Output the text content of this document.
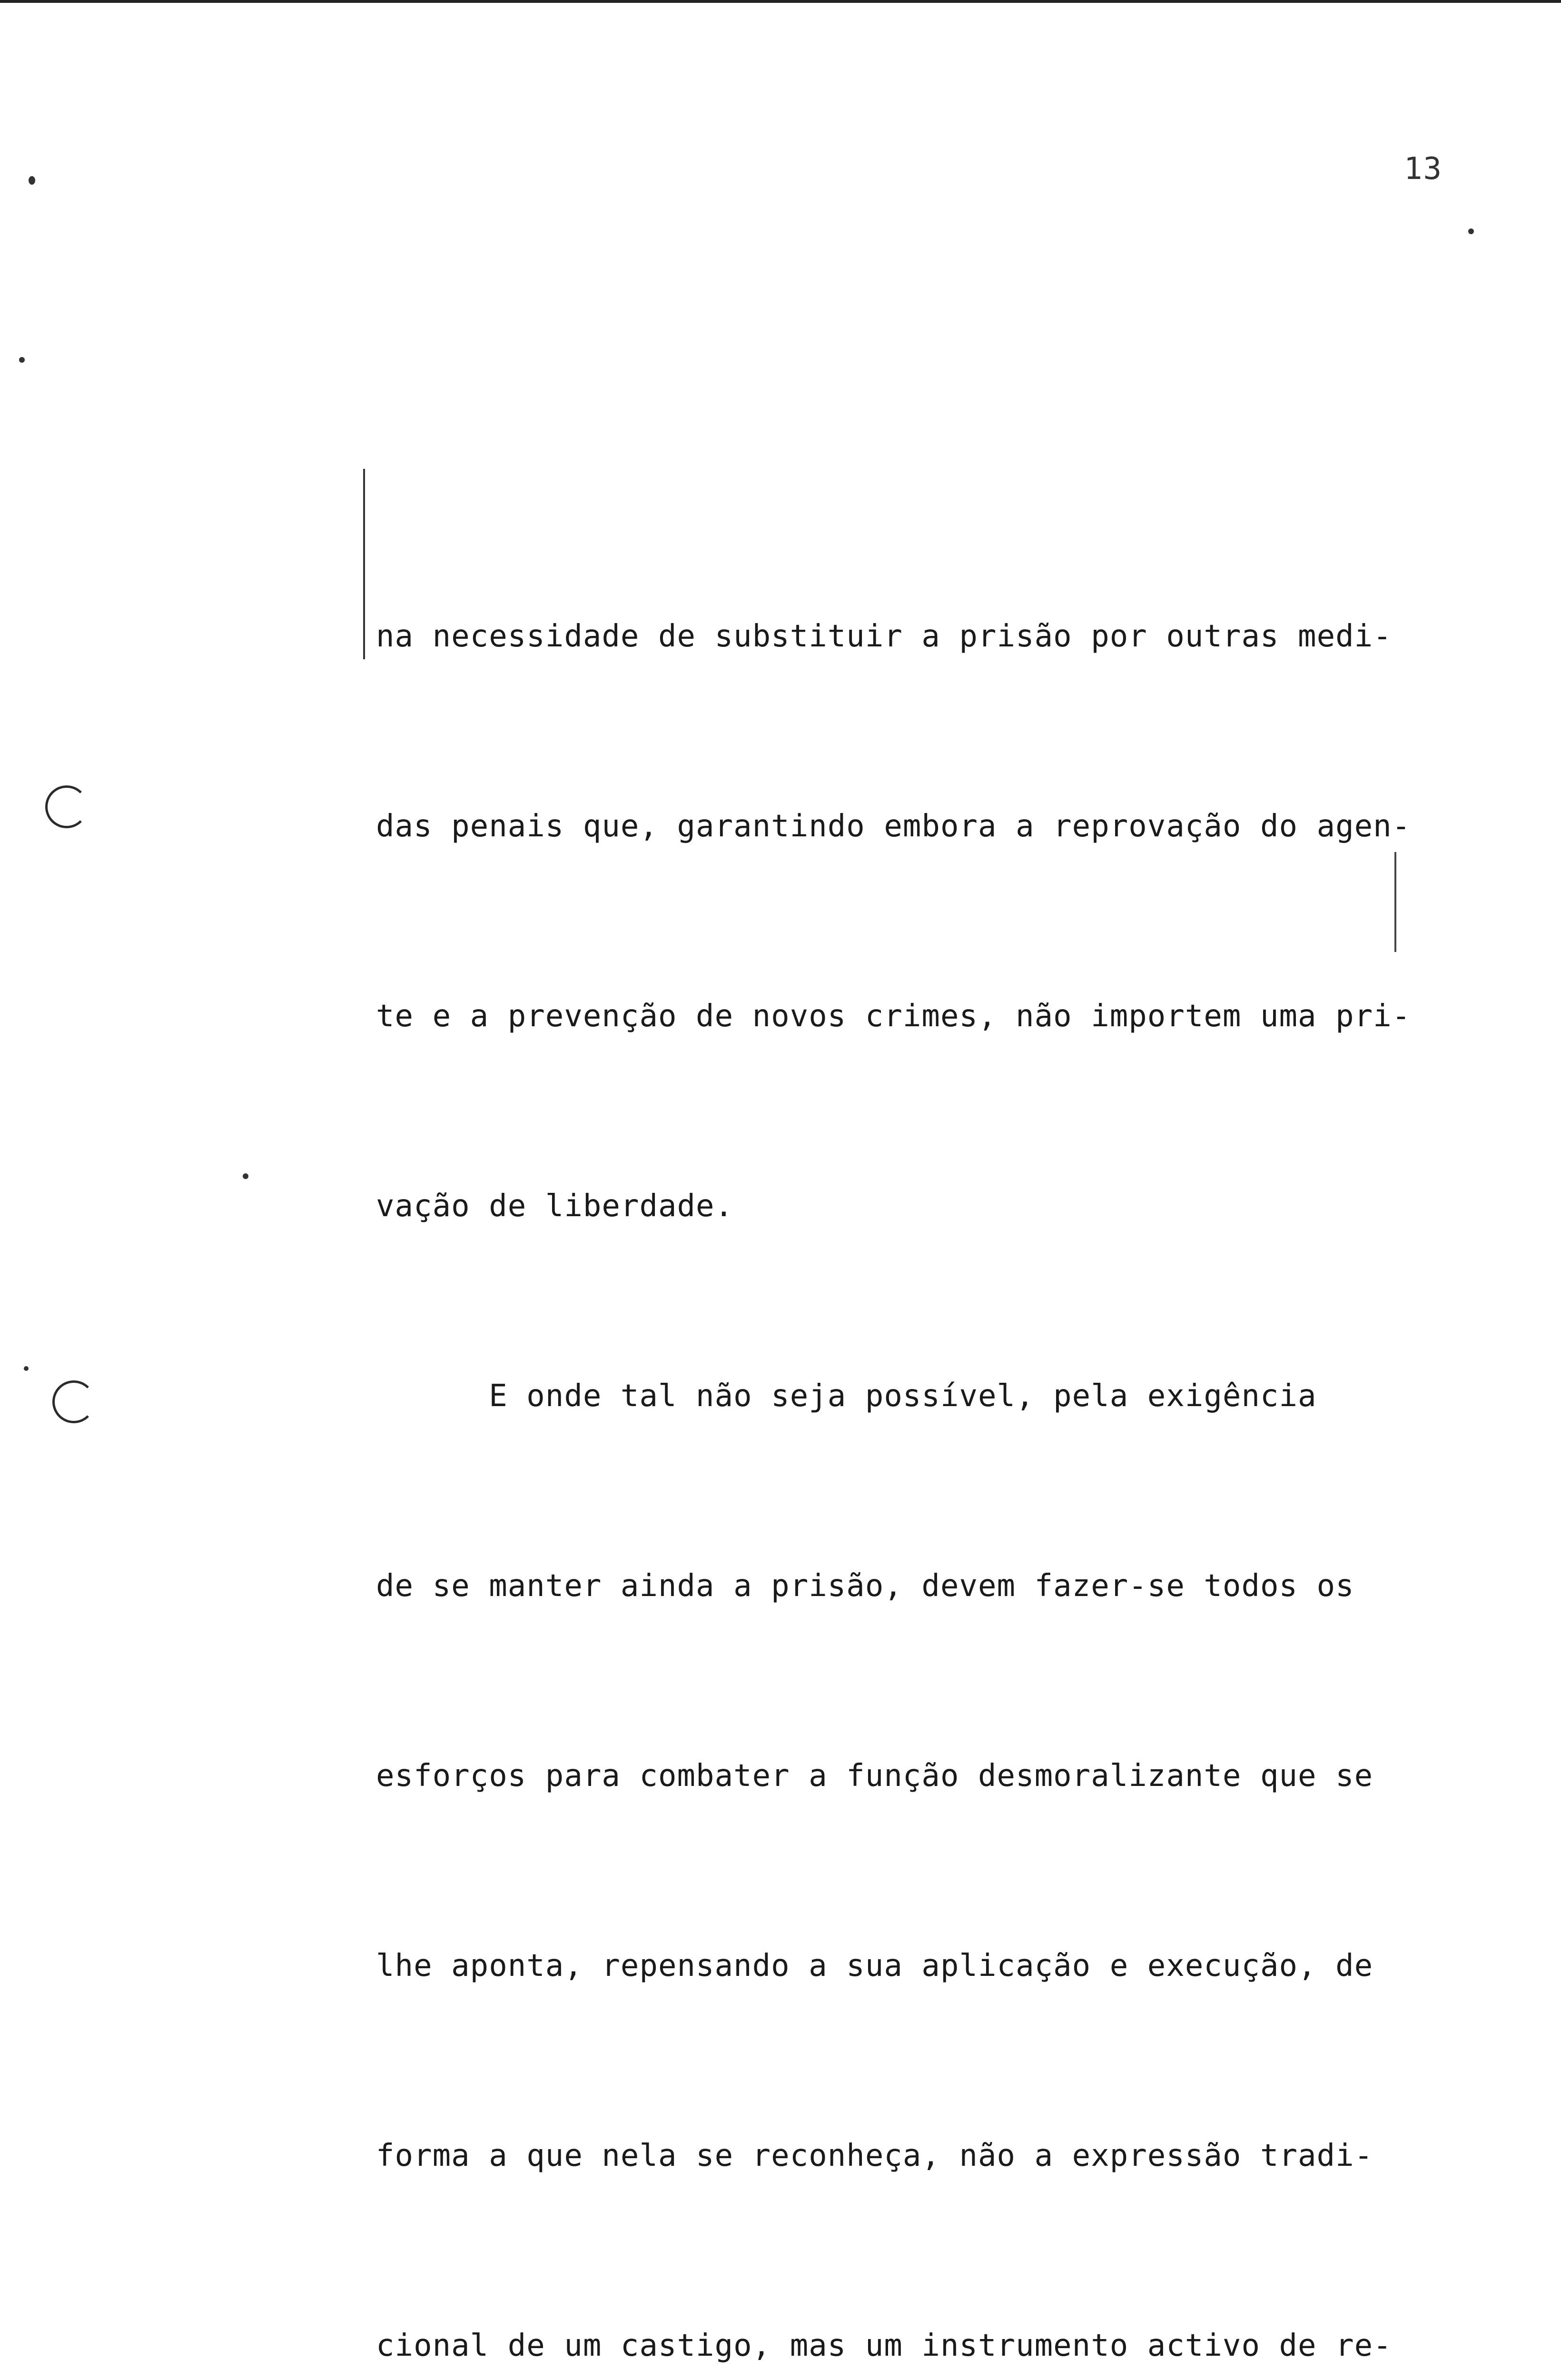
13

na necessidade de substituir a prisão por outras medi-

das penais que, garantindo embora a reprovação do agen-

te e a prevenção de novos crimes, não importem uma pri-

vação de liberdade.

E onde tal não seja possível, pela exigência

de se manter ainda a prisão, devem fazer-se todos os

esforços para combater a função desmoralizante que se

lhe aponta, repensando a sua aplicação e execução, de

forma a que nela se reconheça, não a expressão tradi-

cional de um castigo, mas um instrumento activo de re-
